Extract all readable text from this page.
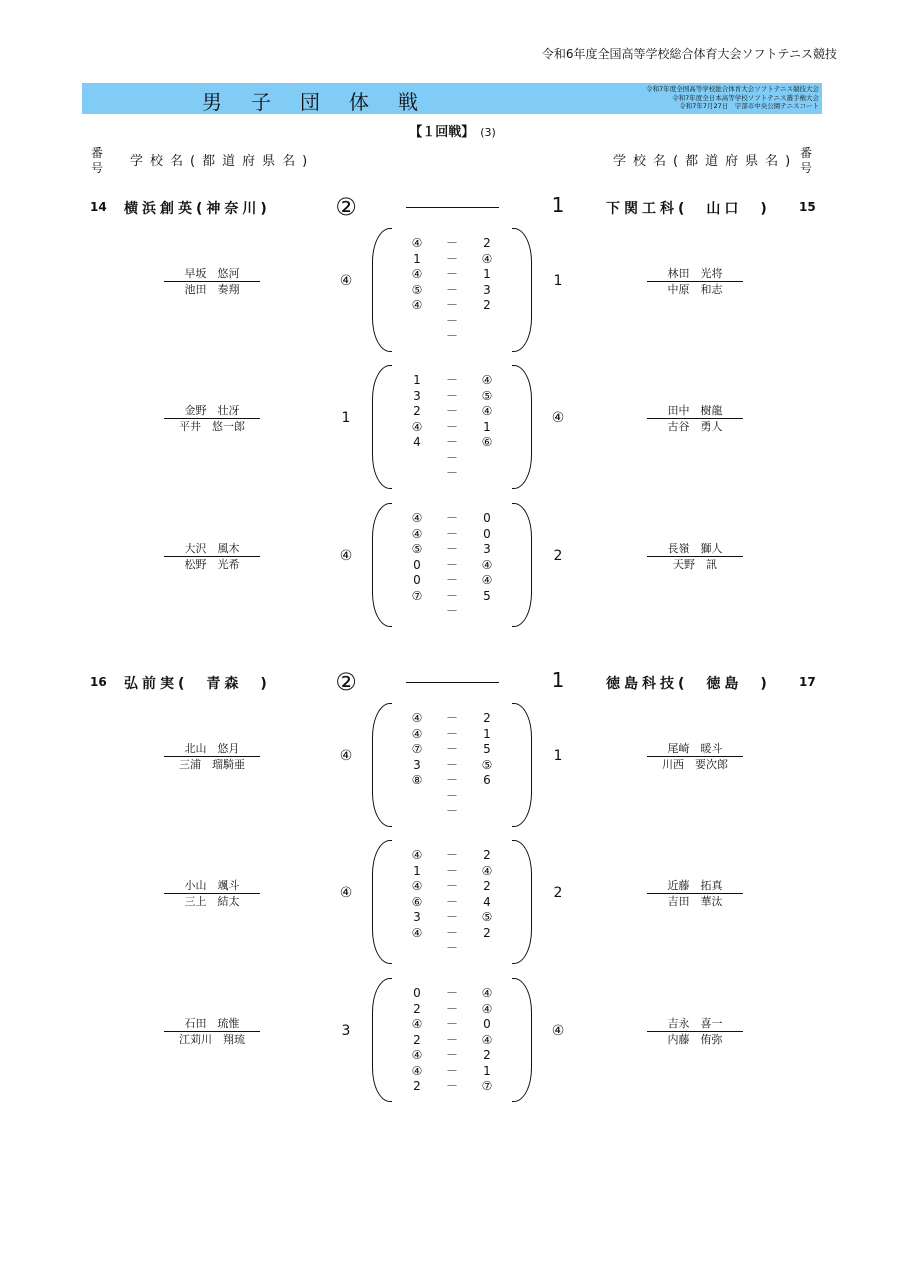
令和6年度全国高等学校総合体育大会ソフトテニス競技
男子団体戦
令和7年度全国高等学校総合体育大会ソフトテニス競技大会
令和7年度全日本高等学校ソフトテニス選手権大会
令和7年7月27日　宇部市中央公園テニスコート
【１回戦】 (3)
番号 学校名(都道府県名)	学校名(都道府県名)
番号
14 横浜創英(神奈川)	②	1	下関工科(　山口　) 15
早坂　悠河
池田　奏翔
④
④	－	2
1	－	④
④	－	1
⑤	－	3
④	－	2
－
－
1	林田　光将
中原　和志
金野　壮冴
平井　悠一郎
1
1	－	④
3	－	⑤
2	－	④
④	－	1
4	－	⑥
－
－
④	田中　樹龍
古谷　勇人
大沢　風木
松野　光希
④
④	－	0
④	－	0
⑤	－	3
0	－	④
0	－	④
⑦	－	5
－
2	長嶺　獅人
天野　訊
16 弘前実(　青森　)	②	1	徳島科技(　徳島　) 17
北山　悠月
三浦　瑠騎亜
④
④	－	2
④	－	1
⑦	－	5
3	－	⑤
⑧	－	6
－
－
1	尾崎　暖斗
川西　要次郎
小山　颯斗
三上　結太
④
④	－	2
1	－	④
④	－	2
⑥	－	4
3	－	⑤
④	－	2
－
2	近藤　拓真
吉田　華汰
石田　琉惟
江苅川　翔琉
3
0	－	④
2	－	④
④	－	0
2	－	④
④	－	2
④	－	1
2	－	⑦
④	吉永　喜一
内藤　侑弥
